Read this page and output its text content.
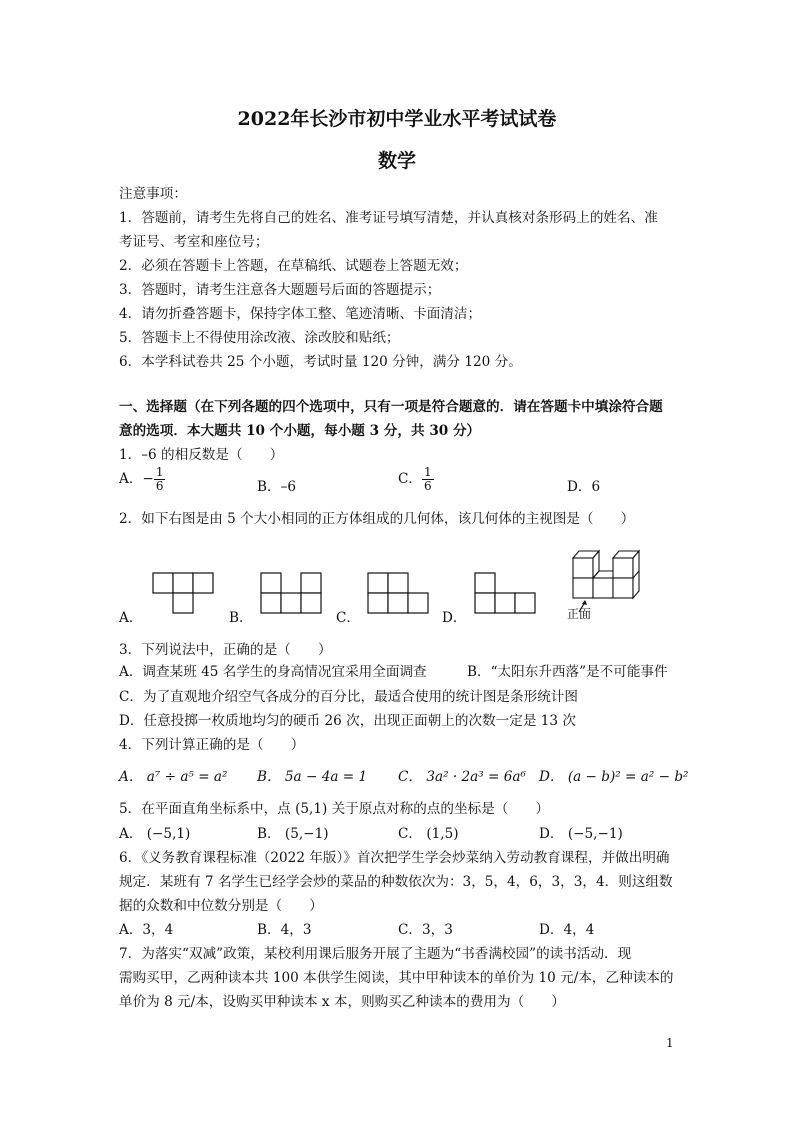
2022年长沙市初中学业水平考试试卷
数学
注意事项：
1．答题前，请考生先将自己的姓名、准考证号填写清楚，并认真核对条形码上的姓名、准
考证号、考室和座位号；
2．必须在答题卡上答题，在草稿纸、试题卷上答题无效；
3．答题时，请考生注意各大题题号后面的答题提示；
4．请勿折叠答题卡，保持字体工整、笔迹清晰、卡面清洁；
5．答题卡上不得使用涂改液、涂改胶和贴纸；
6．本学科试卷共 25 个小题，考试时量 120 分钟，满分 120 分。
一、选择题（在下列各题的四个选项中，只有一项是符合题意的．请在答题卡中填涂符合题
意的选项．本大题共 10 个小题，每小题 3 分，共 30 分）
1．–6 的相反数是（　　）
A．− $\frac{1}{6}$	B．–6	C． $\frac{1}{6}$	D．6
2．如下右图是由 5 个大小相同的正方体组成的几何体，该几何体的主视图是（　　）
A．	B．	C．	D．	正面
3．下列说法中，正确的是（　　）
A．调查某班 45 名学生的身高情况宜采用全面调查	B．“太阳东升西落”是不可能事件
C．为了直观地介绍空气各成分的百分比，最适合使用的统计图是条形统计图
D．任意投掷一枚质地均匀的硬币 26 次，出现正面朝上的次数一定是 13 次
4．下列计算正确的是（　　）
A． a⁷ ÷ a⁵ = a² B． 5a − 4a = 1 C． 3a² · 2a³ = 6a⁶ D． (a − b)² = a² − b²
5．在平面直角坐标系中，点 (5,1) 关于原点对称的点的坐标是（　　）
A． (−5,1)	B． (5,−1)	C． (1,5)	D． (−5,−1)
6．《义务教育课程标准（2022 年版）》首次把学生学会炒菜纳入劳动教育课程，并做出明确
规定．某班有 7 名学生已经学会炒的菜品的种数依次为：3，5，4，6，3，3，4．则这组数
据的众数和中位数分别是（　　）
A．3，4	B．4，3	C．3，3	D．4，4
7．为落实“双减”政策，某校利用课后服务开展了主题为“书香满校园”的读书活动．现
需购买甲，乙两种读本共 100 本供学生阅读，其中甲种读本的单价为 10 元/本，乙种读本的
单价为 8 元/本，设购买甲种读本 x 本，则购买乙种读本的费用为（　　）
1
